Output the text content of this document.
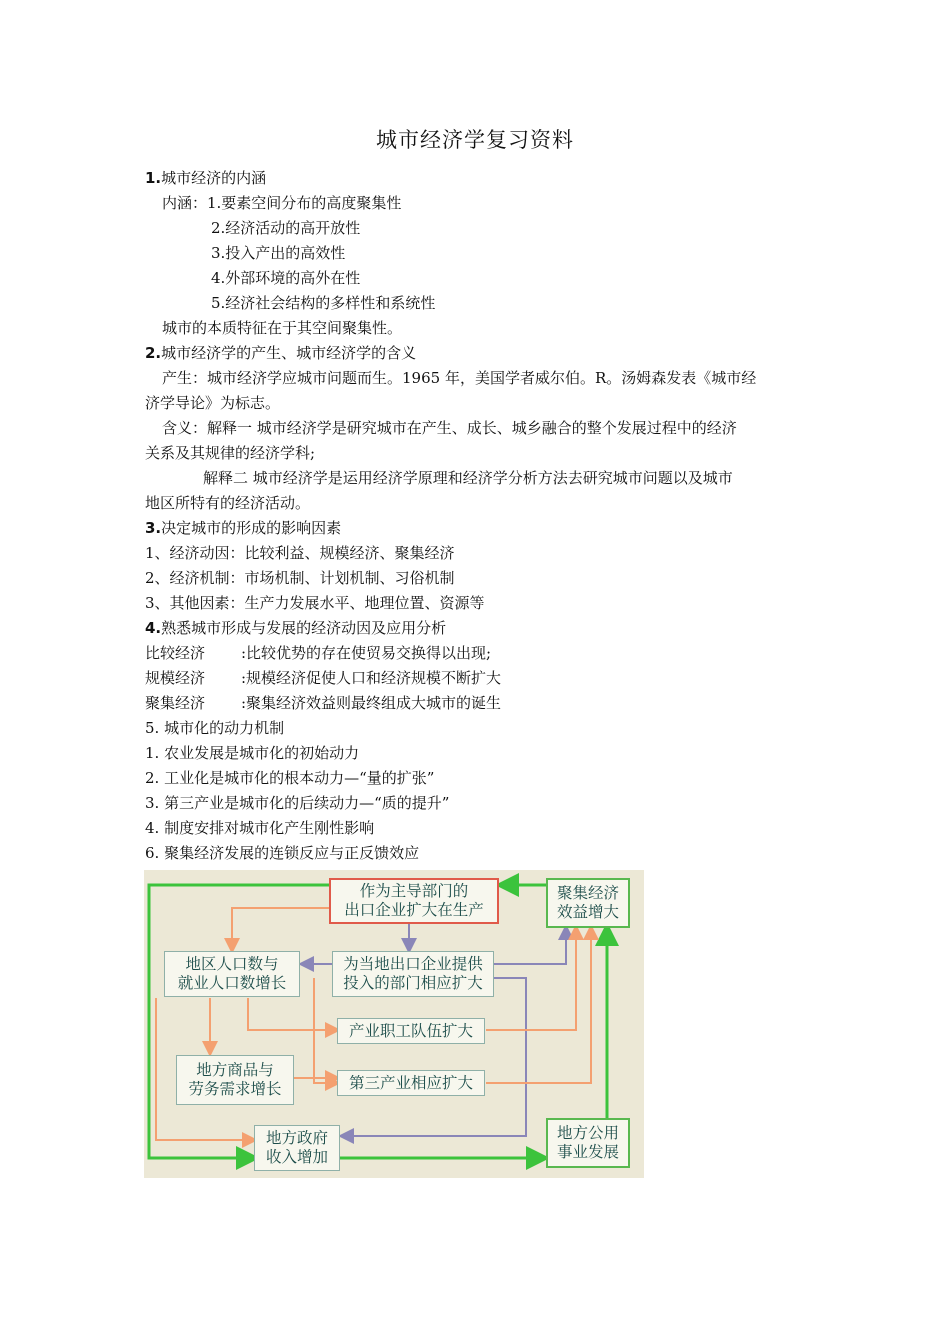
城市经济学复习资料
1.城市经济的内涵
内涵：1.要素空间分布的高度聚集性
2.经济活动的高开放性
3.投入产出的高效性
4.外部环境的高外在性
5.经济社会结构的多样性和系统性
城市的本质特征在于其空间聚集性。
2.城市经济学的产生、城市经济学的含义
产生：城市经济学应城市问题而生。1965 年，美国学者威尔伯。R。汤姆森发表《城市经
济学导论》为标志。
含义：解释一 城市经济学是研究城市在产生、成长、城乡融合的整个发展过程中的经济
关系及其规律的经济学科;
解释二 城市经济学是运用经济学原理和经济学分析方法去研究城市问题以及城市
地区所特有的经济活动。
3.决定城市的形成的影响因素
1、经济动因：比较利益、规模经济、聚集经济
2、经济机制：市场机制、计划机制、习俗机制
3、其他因素：生产力发展水平、地理位置、资源等
4.熟悉城市形成与发展的经济动因及应用分析
比较经济 :比较优势的存在使贸易交换得以出现;
规模经济 :规模经济促使人口和经济规模不断扩大
聚集经济 :聚集经济效益则最终组成大城市的诞生
5. 城市化的动力机制
1. 农业发展是城市化的初始动力
2. 工业化是城市化的根本动力—“量的扩张”
3. 第三产业是城市化的后续动力—“质的提升”
4. 制度安排对城市化产生刚性影响
6. 聚集经济发展的连锁反应与正反馈效应
作为主导部门的
出口企业扩大在生产
聚集经济
效益增大
地区人口数与
就业人口数增长
为当地出口企业提供
投入的部门相应扩大
产业职工队伍扩大
地方商品与
劳务需求增长	第三产业相应扩大
地方政府
收入增加
地方公用
事业发展
